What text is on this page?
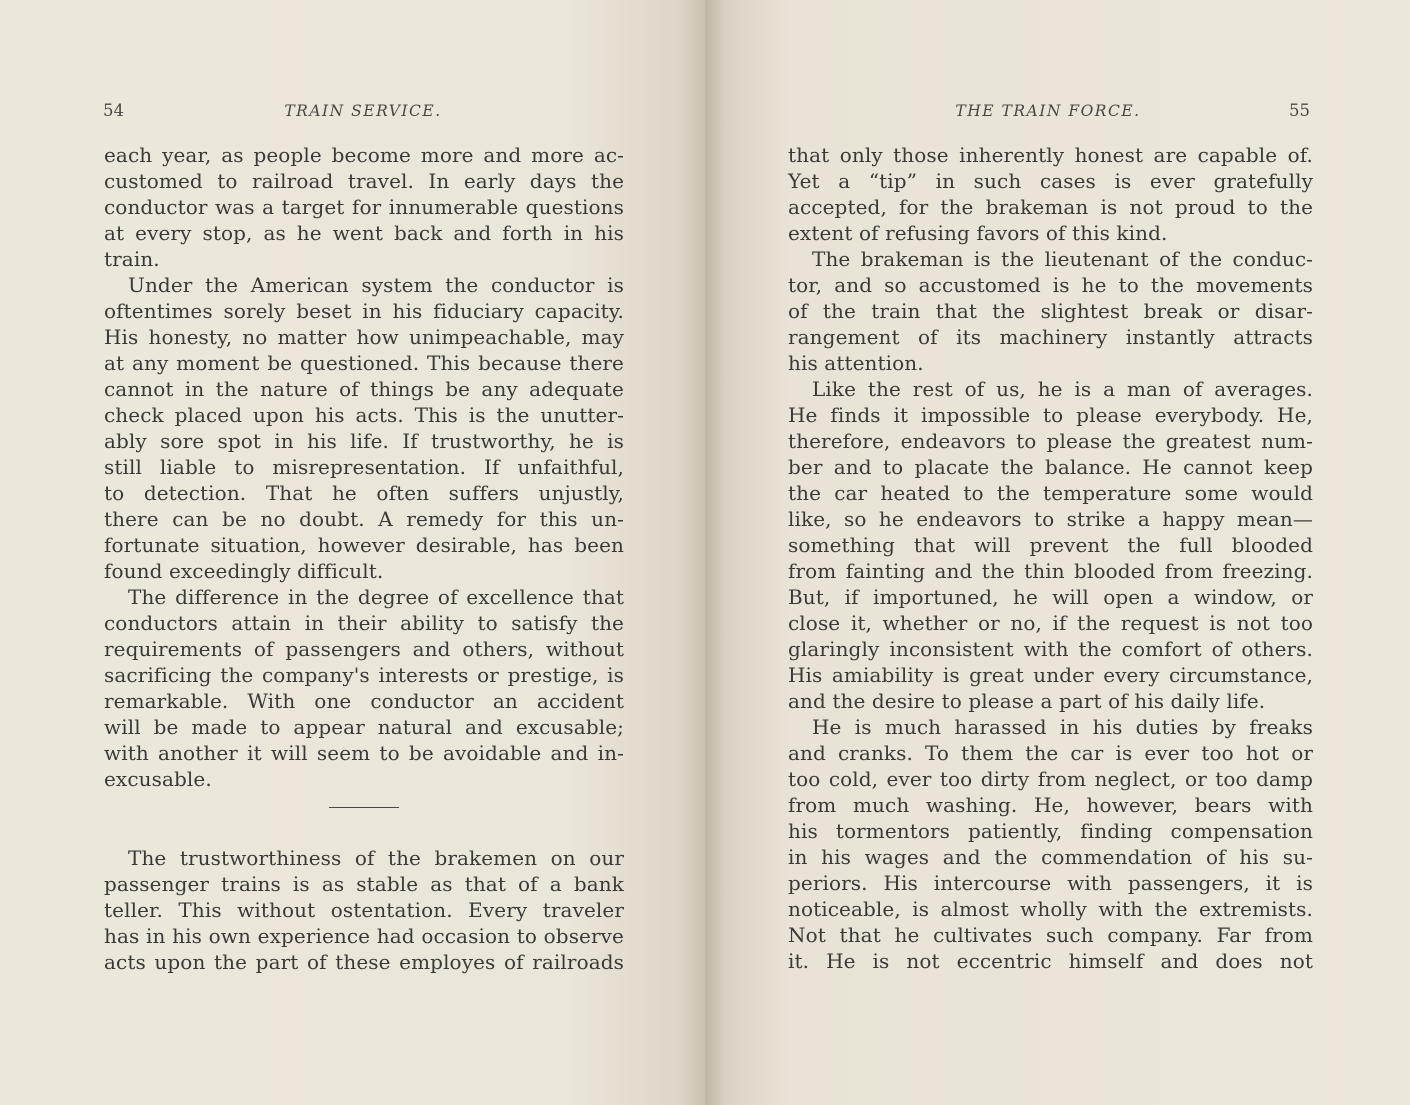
54	TRAIN SERVICE.
each year, as people become more and more ac-
customed to railroad travel. In early days the
conductor was a target for innumerable questions
at every stop, as he went back and forth in his
train.
Under the American system the conductor is
oftentimes sorely beset in his fiduciary capacity.
His honesty, no matter how unimpeachable, may
at any moment be questioned. This because there
cannot in the nature of things be any adequate
check placed upon his acts. This is the unutter-
ably sore spot in his life. If trustworthy, he is
still liable to misrepresentation. If unfaithful,
to detection. That he often suffers unjustly,
there can be no doubt. A remedy for this un-
fortunate situation, however desirable, has been
found exceedingly difficult.
The difference in the degree of excellence that
conductors attain in their ability to satisfy the
requirements of passengers and others, without
sacrificing the company's interests or prestige, is
remarkable. With one conductor an accident
will be made to appear natural and excusable;
with another it will seem to be avoidable and in-
excusable.
The trustworthiness of the brakemen on our
passenger trains is as stable as that of a bank
teller. This without ostentation. Every traveler
has in his own experience had occasion to observe
acts upon the part of these employes of railroads
THE TRAIN FORCE.	55
that only those inherently honest are capable of.
Yet a “tip” in such cases is ever gratefully
accepted, for the brakeman is not proud to the
extent of refusing favors of this kind.
The brakeman is the lieutenant of the conduc-
tor, and so accustomed is he to the movements
of the train that the slightest break or disar-
rangement of its machinery instantly attracts
his attention.
Like the rest of us, he is a man of averages.
He finds it impossible to please everybody. He,
therefore, endeavors to please the greatest num-
ber and to placate the balance. He cannot keep
the car heated to the temperature some would
like, so he endeavors to strike a happy mean—
something that will prevent the full blooded
from fainting and the thin blooded from freezing.
But, if importuned, he will open a window, or
close it, whether or no, if the request is not too
glaringly inconsistent with the comfort of others.
His amiability is great under every circumstance,
and the desire to please a part of his daily life.
He is much harassed in his duties by freaks
and cranks. To them the car is ever too hot or
too cold, ever too dirty from neglect, or too damp
from much washing. He, however, bears with
his tormentors patiently, finding compensation
in his wages and the commendation of his su-
periors. His intercourse with passengers, it is
noticeable, is almost wholly with the extremists.
Not that he cultivates such company. Far from
it. He is not eccentric himself and does not
